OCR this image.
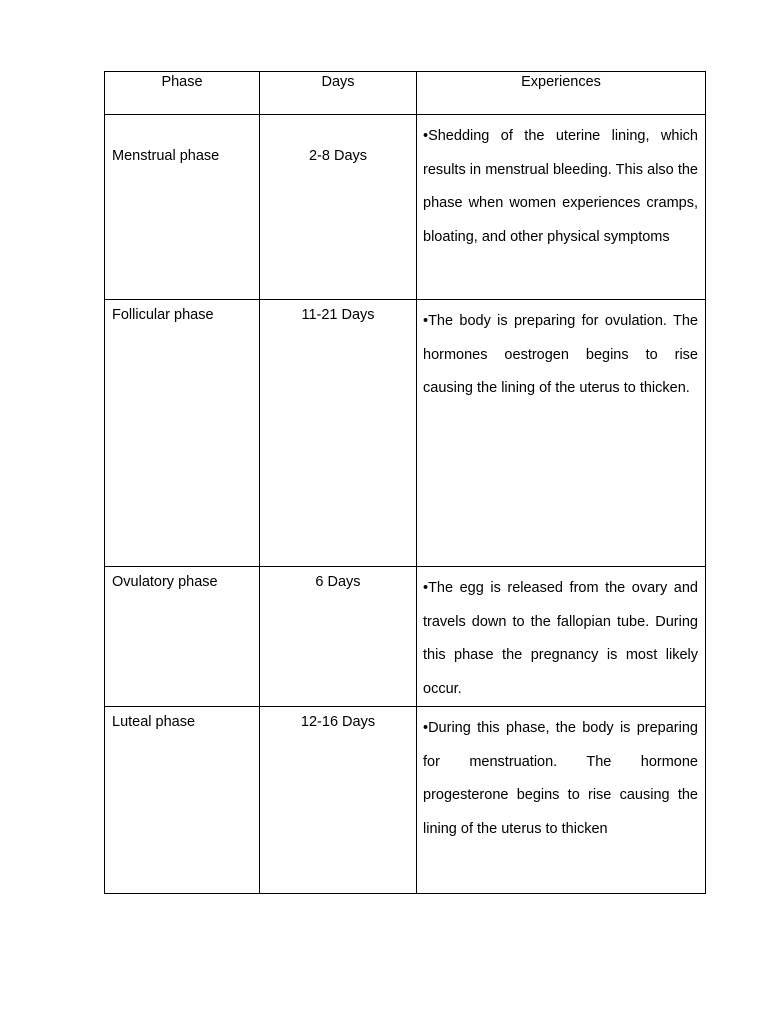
Phase	Days	Experiences
Menstrual phase	2-8 Days	•Shedding of the uterine lining, which results in menstrual bleeding. This also the phase when women experiences cramps, bloating, and other physical symptoms

Follicular phase	11-21 Days	•The body is preparing for ovulation. The hormones oestrogen begins to rise causing the lining of the uterus to thicken.

Ovulatory phase	6 Days	•The egg is released from the ovary and travels down to the fallopian tube. During this phase the pregnancy is most likely occur.

Luteal phase	12-16 Days	•During this phase, the body is preparing for menstruation. The hormone progesterone begins to rise causing the lining of the uterus to thicken
